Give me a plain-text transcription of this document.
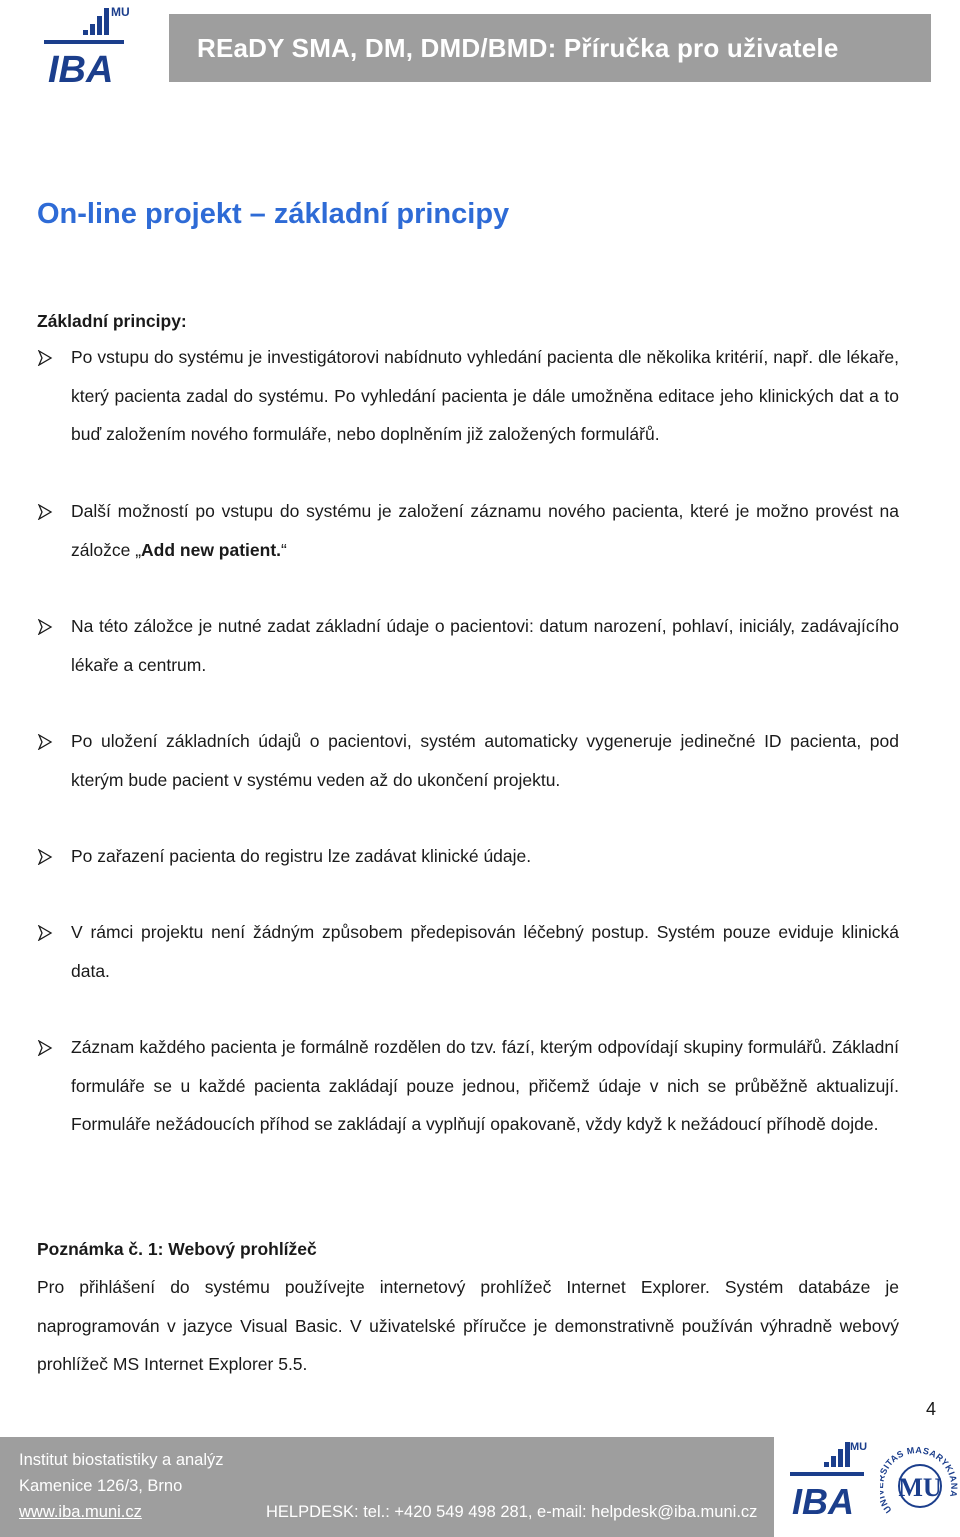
MU
IBA
REaDY SMA, DM, DMD/BMD: Příručka pro uživatele
On-line projekt – základní principy
Základní principy:
Po vstupu do systému je investigátorovi nabídnuto vyhledání pacienta dle několika kritérií, např. dle lékaře, který pacienta zadal do systému. Po vyhledání pacienta je dále umožněna editace jeho klinických dat a to buď založením nového formuláře, nebo doplněním již založených formulářů.
Další možností po vstupu do systému je založení záznamu nového pacienta, které je možno provést na záložce „Add new patient.“
Na této záložce je nutné zadat základní údaje o pacientovi: datum narození, pohlaví, iniciály, zadávajícího lékaře a centrum.
Po uložení základních údajů o pacientovi, systém automaticky vygeneruje jedinečné ID pacienta, pod kterým bude pacient v systému veden až do ukončení projektu.
Po zařazení pacienta do registru lze zadávat klinické údaje.
V rámci projektu není žádným způsobem předepisován léčebný postup. Systém pouze eviduje klinická data.
Záznam každého pacienta je formálně rozdělen do tzv. fází, kterým odpovídají skupiny formulářů. Základní formuláře se u každé pacienta zakládají pouze jednou, přičemž údaje v nich se průběžně aktualizují. Formuláře nežádoucích příhod se zakládají a vyplňují opakovaně, vždy když k nežádoucí příhodě dojde.
Poznámka č. 1: Webový prohlížeč
Pro přihlášení do systému používejte internetový prohlížeč Internet Explorer. Systém databáze je naprogramován v jazyce Visual Basic. V uživatelské příručce je demonstrativně používán výhradně webový prohlížeč MS Internet Explorer 5.5.
4
Institut biostatistiky a analýz
Kamenice 126/3, Brno
www.iba.muni.cz	HELPDESK: tel.: +420 549 498 281, e-mail: helpdesk@iba.muni.cz
MU
IBA	U ITAS MASARYKIANA
MU
